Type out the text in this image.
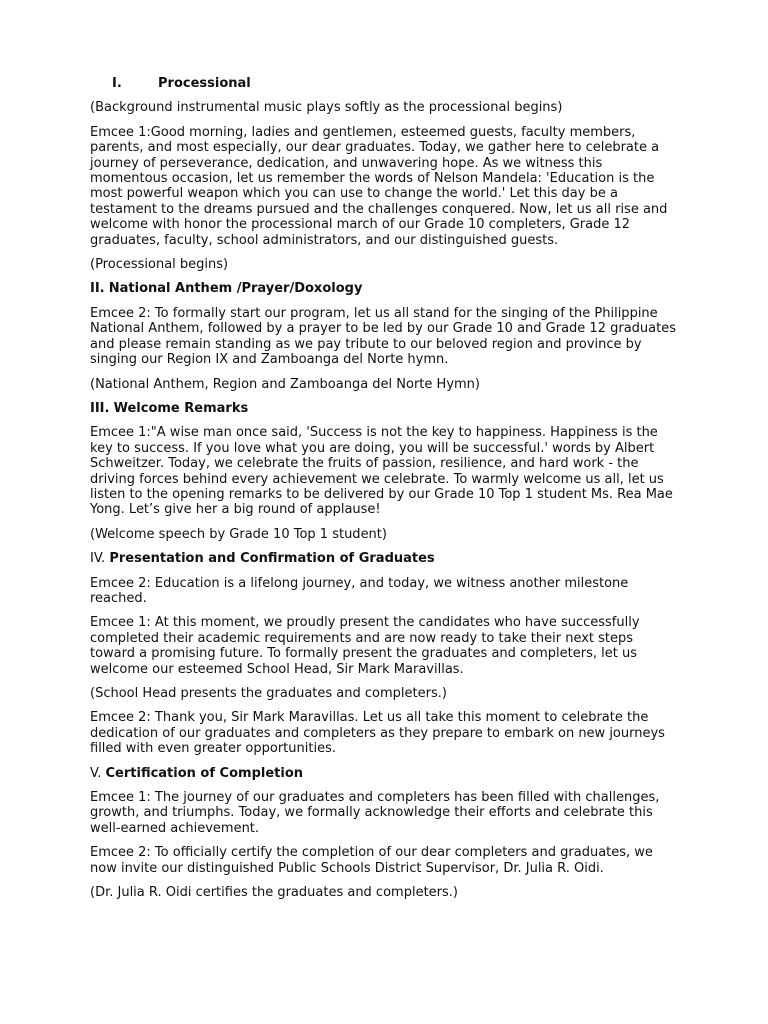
I.	Processional

(Background instrumental music plays softly as the processional begins)

Emcee 1:Good morning, ladies and gentlemen, esteemed guests, faculty members, parents, and most especially, our dear graduates. Today, we gather here to celebrate a journey of perseverance, dedication, and unwavering hope. As we witness this momentous occasion, let us remember the words of Nelson Mandela: 'Education is the most powerful weapon which you can use to change the world.' Let this day be a testament to the dreams pursued and the challenges conquered. Now, let us all rise and welcome with honor the processional march of our Grade 10 completers, Grade 12 graduates, faculty, school administrators, and our distinguished guests.

(Processional begins)

II. National Anthem /Prayer/Doxology

Emcee 2: To formally start our program, let us all stand for the singing of the Philippine National Anthem, followed by a prayer to be led by our Grade 10 and Grade 12 graduates and please remain standing as we pay tribute to our beloved region and province by singing our Region IX and Zamboanga del Norte hymn.

(National Anthem, Region and Zamboanga del Norte Hymn)

III. Welcome Remarks

Emcee 1:"A wise man once said, 'Success is not the key to happiness. Happiness is the key to success. If you love what you are doing, you will be successful.' words by Albert Schweitzer. Today, we celebrate the fruits of passion, resilience, and hard work - the driving forces behind every achievement we celebrate. To warmly welcome us all, let us listen to the opening remarks to be delivered by our Grade 10 Top 1 student Ms. Rea Mae Yong. Let’s give her a big round of applause!

(Welcome speech by Grade 10 Top 1 student)

IV. Presentation and Confirmation of Graduates

Emcee 2: Education is a lifelong journey, and today, we witness another milestone reached.

Emcee 1: At this moment, we proudly present the candidates who have successfully completed their academic requirements and are now ready to take their next steps toward a promising future. To formally present the graduates and completers, let us welcome our esteemed School Head, Sir Mark Maravillas.

(School Head presents the graduates and completers.)

Emcee 2: Thank you, Sir Mark Maravillas. Let us all take this moment to celebrate the dedication of our graduates and completers as they prepare to embark on new journeys filled with even greater opportunities.

V. Certification of Completion

Emcee 1: The journey of our graduates and completers has been filled with challenges, growth, and triumphs. Today, we formally acknowledge their efforts and celebrate this well-earned achievement.

Emcee 2: To officially certify the completion of our dear completers and graduates, we now invite our distinguished Public Schools District Supervisor, Dr. Julia R. Oidi.

(Dr. Julia R. Oidi certifies the graduates and completers.)
